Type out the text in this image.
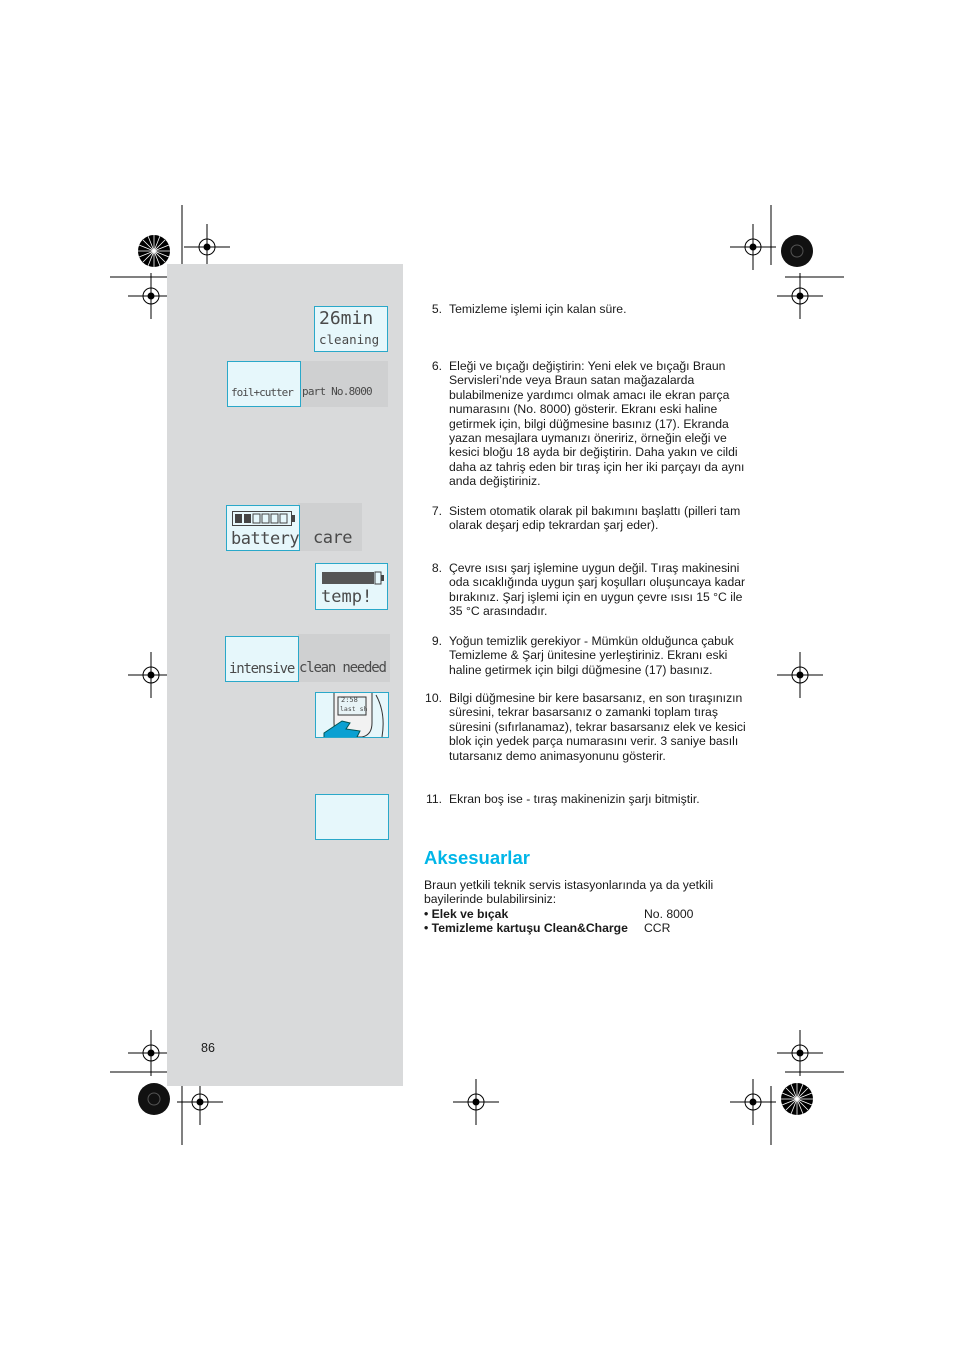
26min
cleaning
foil+cutter part No.8000
battery care
temp!
intensive clean needed
2:58
last sh
5. Temizleme işlemi için kalan süre.
6. Eleği ve bıçağı değiştirin: Yeni elek ve bıçağı Braun Servisleri’nde veya Braun satan mağazalarda bulabilmenize yardımcı olmak amacı ile ekran parça numarasını (No. 8000) gösterir. Ekranı eski haline getirmek için, bilgi düğmesine basınız (17). Ekranda yazan mesajlara uymanızı öneririz, örneğin eleği ve kesici bloğu 18 ayda bir değiştirin. Daha yakın ve cildi daha az tahriş eden bir tıraş için her iki parçayı da aynı anda değiştiriniz.
7. Sistem otomatik olarak pil bakımını başlattı (pilleri tam olarak deşarj edip tekrardan şarj eder).
8. Çevre ısısı şarj işlemine uygun değil. Tıraş makinesini oda sıcaklığında uygun şarj koşulları oluşuncaya kadar bırakınız. Şarj işlemi için en uygun çevre ısısı 15 °C ile 35 °C arasındadır.
9. Yoğun temizlik gerekiyor - Mümkün olduğunca çabuk Temizleme & Şarj ünitesine yerleştiriniz. Ekranı eski haline getirmek için bilgi düğmesine (17) basınız.
10. Bilgi düğmesine bir kere basarsanız, en son tıraşınızın süresini, tekrar basarsanız o zamanki toplam tıraş süresini (sıfırlanamaz), tekrar basarsanız elek ve kesici blok için yedek parça numarasını verir. 3 saniye basılı tutarsanız demo animasyonunu gösterir.
11. Ekran boş ise - tıraş makinenizin şarjı bitmiştir.
Aksesuarlar
Braun yetkili teknik servis istasyonlarında ya da yetkili bayilerinde bulabilirsiniz:
• Elek ve bıçak	No. 8000
• Temizleme kartuşu Clean&Charge CCR
86
